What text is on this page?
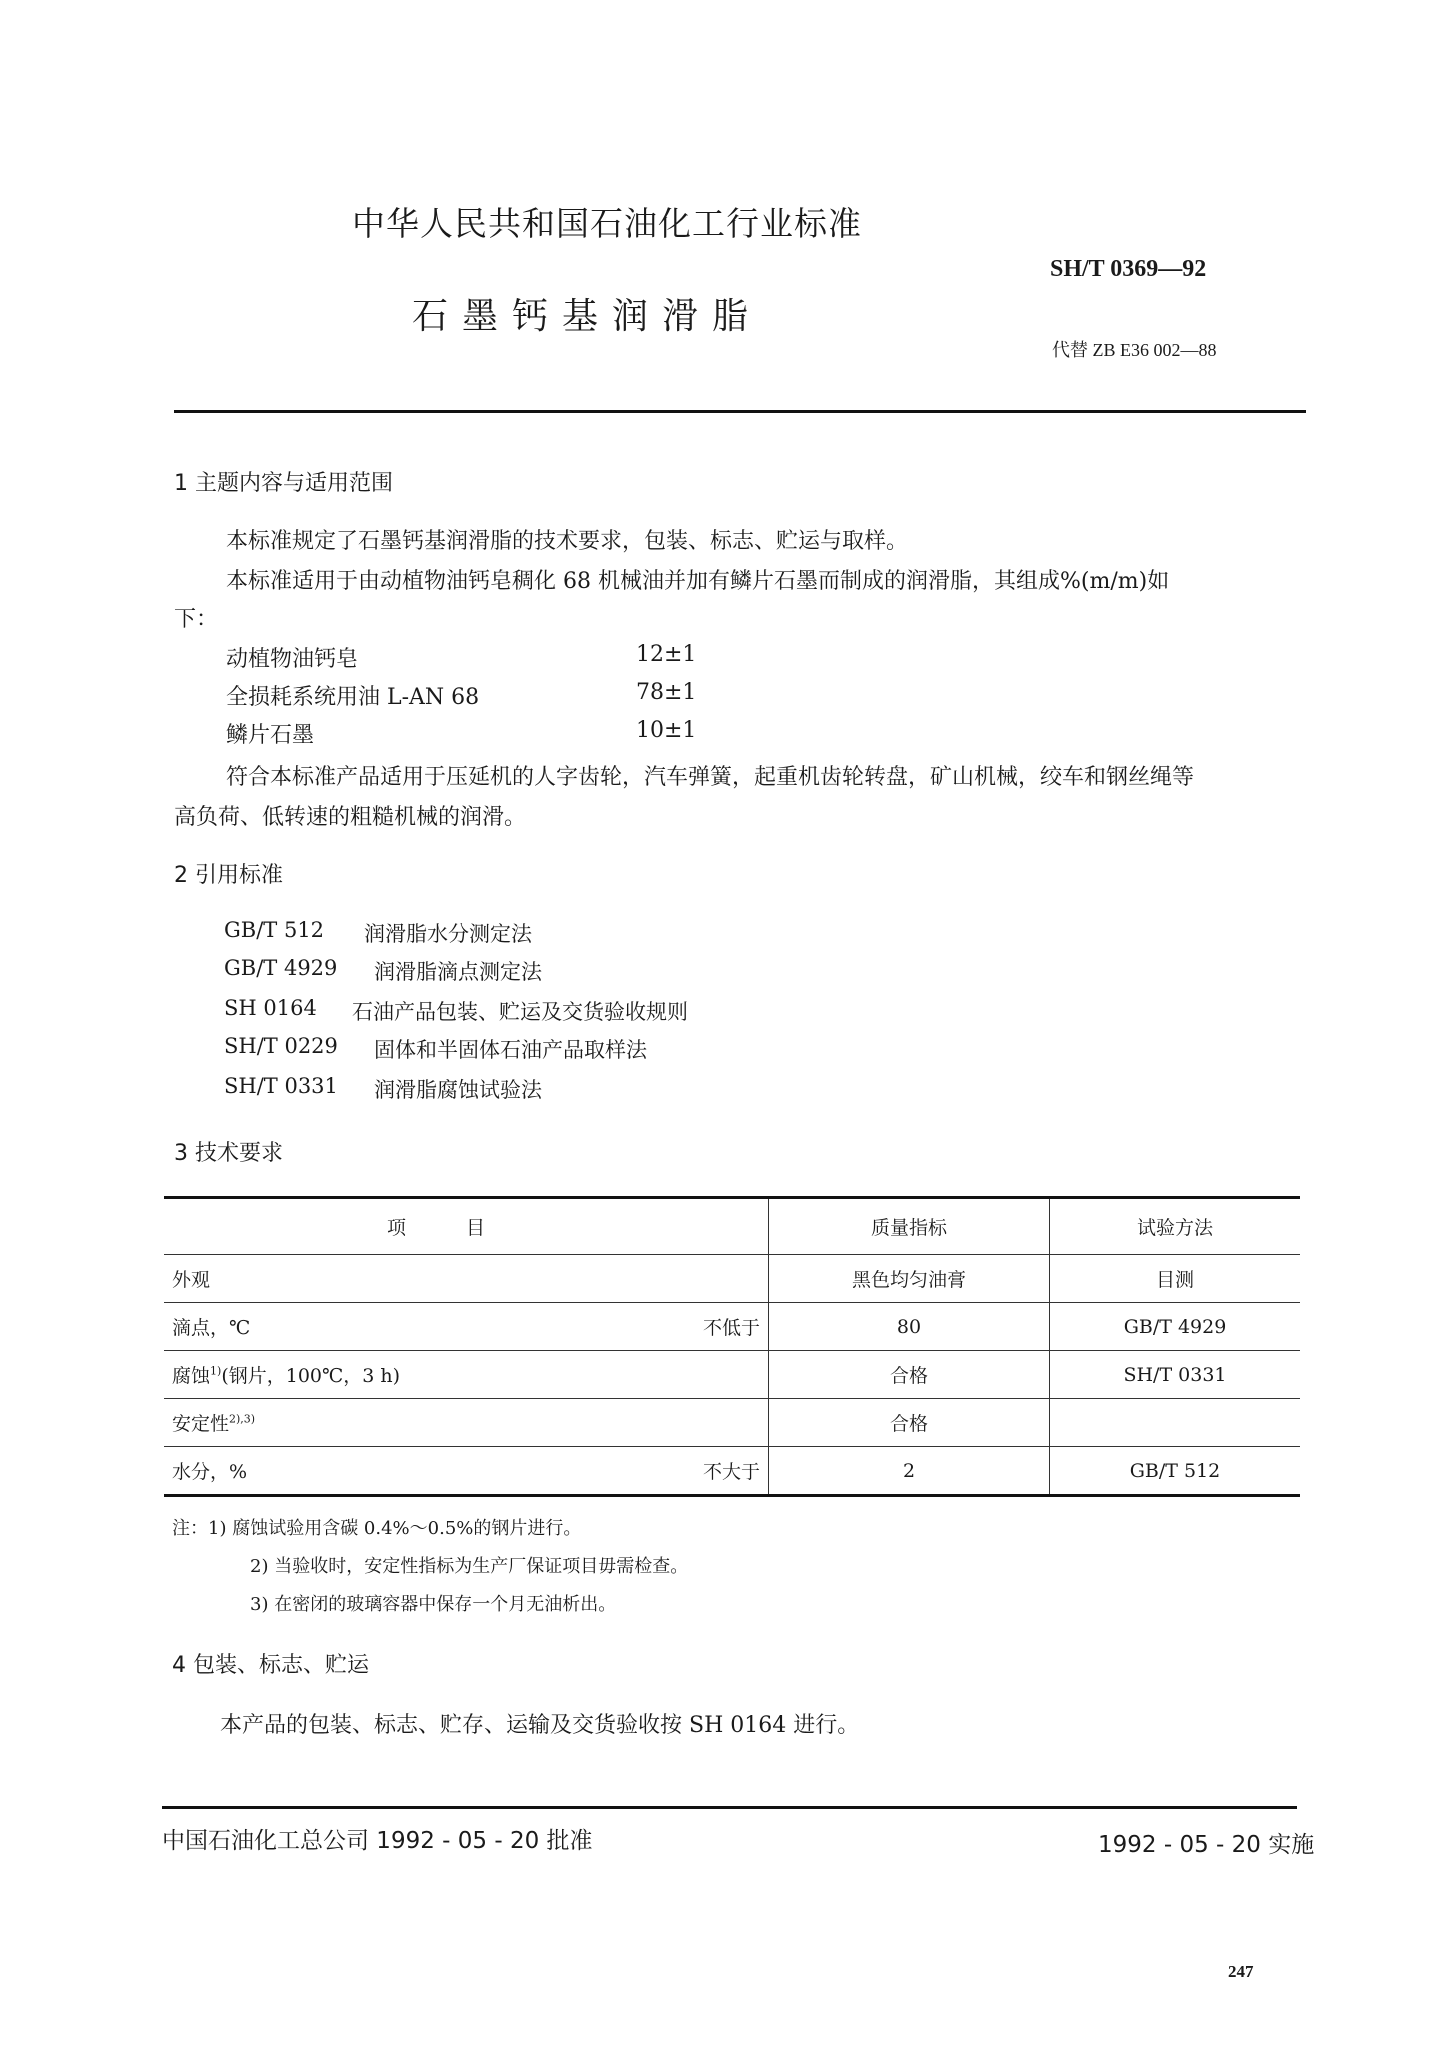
中华人民共和国石油化工行业标准
SH/T 0369—92
石墨钙基润滑脂
代替 ZB E36 002—88
1 主题内容与适用范围
本标准规定了石墨钙基润滑脂的技术要求，包装、标志、贮运与取样。
本标准适用于由动植物油钙皂稠化 68 机械油并加有鳞片石墨而制成的润滑脂，其组成%(m/m)如
下：
动植物油钙皂	12±1
全损耗系统用油 L-AN 68	78±1
鳞片石墨	10±1
符合本标准产品适用于压延机的人字齿轮，汽车弹簧，起重机齿轮转盘，矿山机械，绞车和钢丝绳等
高负荷、低转速的粗糙机械的润滑。
2 引用标准
GB/T 512 润滑脂水分测定法
GB/T 4929 润滑脂滴点测定法
SH 0164 石油产品包装、贮运及交货验收规则
SH/T 0229 固体和半固体石油产品取样法
SH/T 0331 润滑脂腐蚀试验法
3 技术要求
项目	质量指标	试验方法

外观	黑色均匀油膏	目测

滴点，℃ 不低于	80	GB/T 4929

腐蚀$^{1)}$(钢片，100℃，3 h)	合格	SH/T 0331

安定性$^{2),3)}$	合格	

水分，% 不大于	2	GB/T 512
注：1) 腐蚀试验用含碳 0.4%～0.5%的钢片进行。
2) 当验收时，安定性指标为生产厂保证项目毋需检查。
3) 在密闭的玻璃容器中保存一个月无油析出。
4 包装、标志、贮运
本产品的包装、标志、贮存、运输及交货验收按 SH 0164 进行。
中国石油化工总公司 1992 - 05 - 20 批准	1992 - 05 - 20 实施
247
